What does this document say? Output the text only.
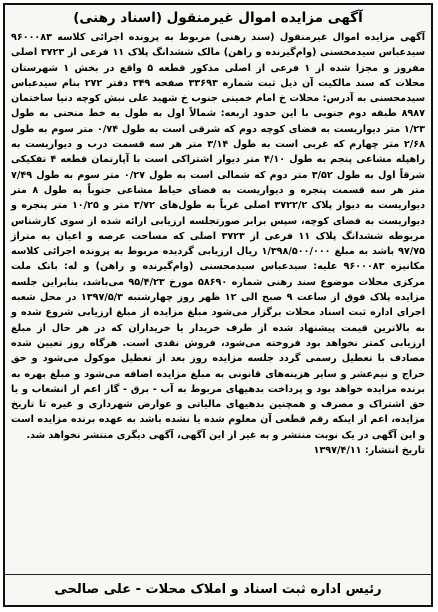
آگهی مزایده اموال غیرمنقول (اسناد رهنی)

آگهی مزایده اموال غیرمنقول (سند رهنی) مربوط به پرونده اجرائی کلاسه ۹۶۰۰۰۸۳ سیدعباس سیدمحسنی (وام‌گیرنده و راهن) مالک ششدانگ پلاک ۱۱ فرعی از ۳۷۲۳ اصلی مفروز و مجزا شده از ۱ فرعی از اصلی مذکور قطعه ۵ واقع در بخش ۱ شهرستان محلات که سند مالکیت آن ذیل ثبت شماره ۳۳۶۹۳ صفحه ۳۴۹ دفتر ۲۷۲ بنام سیدعباس سیدمحسنی به آدرس: محلات خ امام خمینی جنوب خ شهید علی نبش کوچه دنیا ساختمان ۸۹۸۷ طبقه دوم جنوبی با این حدود اربعه: شمالاً اول به طول به خط منحنی به طول ۱/۲۳ متر دیواریست به فضای کوچه دوم که شرقی است به طول ۰/۷۴ متر سوم به طول ۲/۶۸ متر چهارم که غربی است به طول ۳/۱۴ متر هر سه قسمت درب و دیواریست به راهپله مشاعی پنجم به طول ۴/۱۰ متر دیوار اشتراکی است با آپارتمان قطعه ۴ تفکیکی شرقاً اول به طول ۳/۵۲ متر دوم که شمالی است به طول ۰/۲۷ متر سوم به طول ۷/۴۹ متر هر سه قسمت پنجره و دیواریست به فضای حیاط مشاعی جنوباً به طول ۸ متر دیواریست به دیوار پلاک ۳۷۲۲/۲ اصلی غرباً به طول‌های ۳/۷۲ متر و ۱۰/۲۵ متر پنجره و دیواریست به فضای کوچه، سپس برابر صورتجلسه ارزیابی ارائه شده از سوی کارشناس مربوطه ششدانگ پلاک ۱۱ فرعی از ۳۷۲۳ اصلی که مساحت عرصه و اعیان به متراژ ۹۷/۷۵ باشد به مبلغ ۱/۳۹۸/۵۰۰/۰۰۰ ریال ارزیابی گردیده مربوط به پرونده اجرائی کلاسه مکانیزه ۹۶۰۰۰۸۳ علیه: سیدعباس سیدمحسنی (وام‌گیرنده و راهن) و له: بانک ملت مرکزی محلات موضوع سند رهنی شماره ۵۸۶۹۰ مورخ ۹۵/۴/۲۳ می‌باشد، بنابراین جلسه مزایده پلاک فوق از ساعت ۹ صبح الی ۱۲ ظهر روز چهارشنبه ۱۳۹۷/۵/۳ در محل شعبه اجرای اداره ثبت اسناد محلات برگزار می‌شود مبلغ مزایده از مبلغ ارزیابی شروع شده و به بالاترین قیمت پیشنهاد شده از طرف خریدار یا خریداران که در هر حال از مبلغ ارزیابی کمتر نخواهد بود فروخته می‌شود، فروش نقدی است. هرگاه روز تعیین شده مصادف با تعطیل رسمی گردد جلسه مزایده روز بعد از تعطیل موکول می‌شود و حق حراج و نیم‌عشر و سایر هزینه‌های قانونی به مبلغ مزایده اضافه می‌شود و مبلغ بهره به برنده مزایده خواهد بود و پرداخت بدهیهای مربوط به آب - برق - گاز اعم از انشعاب و یا حق اشتراک و مصرف و همچنین بدهیهای مالیاتی و عوارض شهرداری و غیره تا تاریخ مزایده، اعم از اینکه رقم قطعی آن معلوم شده یا نشده باشد به عهده برنده مزایده است و این آگهی در یک نوبت منتشر و به غیر از این آگهی، آگهی دیگری منتشر نخواهد شد.

تاریخ انتشار: ۱۳۹۷/۴/۱۱
رئیس اداره ثبت اسناد و املاک محلات - علی صالحی
